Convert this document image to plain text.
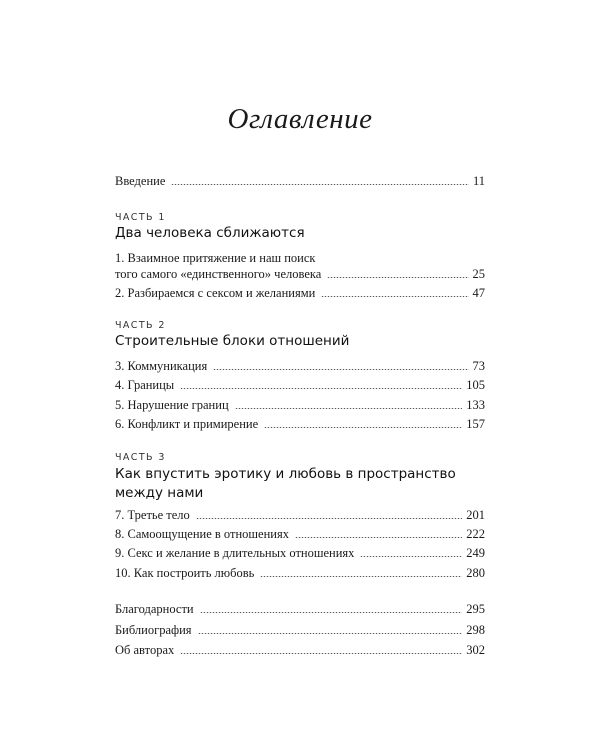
Оглавление
Введение	11
ЧАСТЬ 1
Два человека сближаются
1. Взаимное притяжение и наш поиск
того самого «единственного» человека	25
2. Разбираемся с сексом и желаниями	47
ЧАСТЬ 2
Строительные блоки отношений
3. Коммуникация	73
4. Границы	105
5. Нарушение границ	133
6. Конфликт и примирение	157
ЧАСТЬ 3
Как впустить эротику и любовь в пространство между нами
7. Третье тело	201
8. Самоощущение в отношениях	222
9. Секс и желание в длительных отношениях	249
10. Как построить любовь	280
Благодарности	295
Библиография	298
Об авторах	302
